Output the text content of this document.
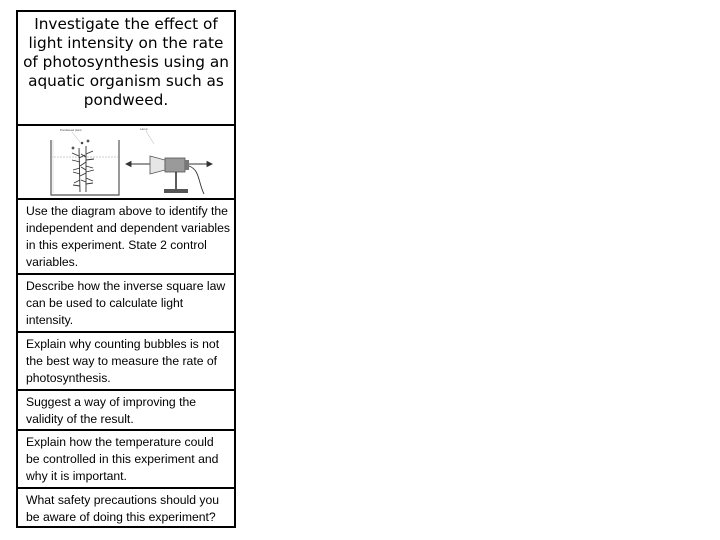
Investigate the effect of light intensity on the rate of photosynthesis using an aquatic organism such as pondweed.
Pondweed plant	Lamp
Use the diagram above to identify the independent and dependent variables in this experiment. State 2 control variables.
Describe how the inverse square law can be used to calculate light intensity.
Explain why counting bubbles is not the best way to measure the rate of photosynthesis.
Suggest a way of improving the validity of the result.
Explain how the temperature could be controlled in this experiment and why it is important.
What safety precautions should you be aware of doing this experiment?
